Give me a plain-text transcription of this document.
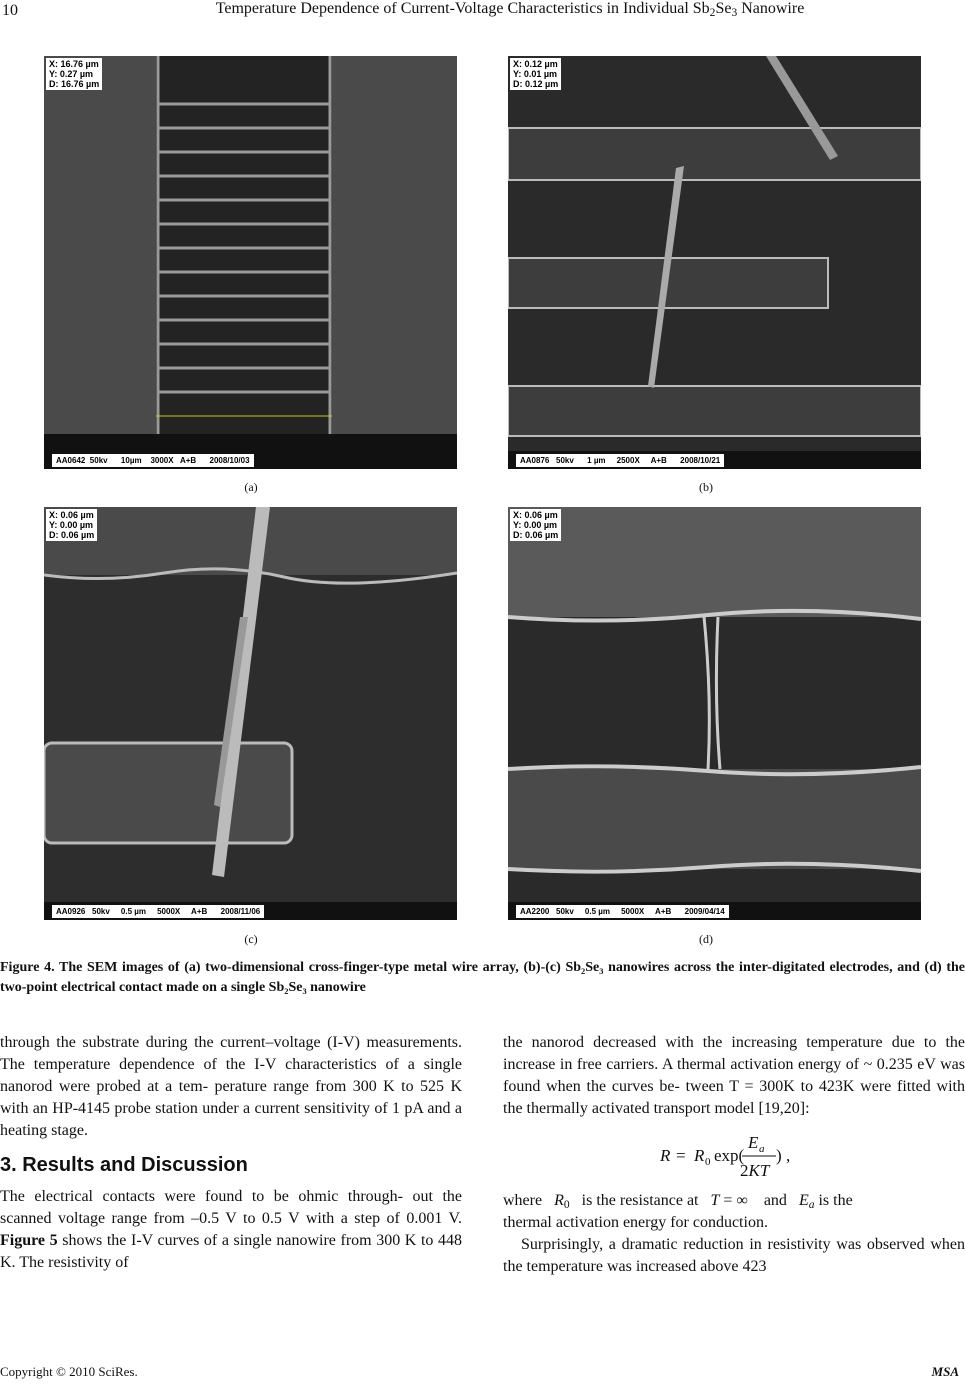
10	Temperature Dependence of Current-Voltage Characteristics in Individual $Sb_2Se_3$ Nanowire
X: 16.76 µm
Y: 0.27 µm
D: 16.76 µm
AA0642  50kv      10µm    3000X   A+B      2008/10/03
(a)
X: 0.12 µm
Y: 0.01 µm
D: 0.12 µm
AA0876   50kv      1 µm     2500X     A+B      2008/10/21
(b)
X: 0.06 µm
Y: 0.00 µm
D: 0.06 µm
AA0926   50kv     0.5 µm     5000X     A+B      2008/11/06
(c)
X: 0.06 µm
Y: 0.00 µm
D: 0.06 µm
AA2200   50kv     0.5 µm     5000X     A+B      2009/04/14
(d)
Figure 4. The SEM images of (a) two-dimensional cross-finger-type metal wire array, (b)-(c) Sb₂Se₃ nanowires across the inter-digitated electrodes, and (d) the two-point electrical contact made on a single Sb₂Se₃ nanowire

through the substrate during the current–voltage (I-V) measurements. The temperature dependence of the I-V characteristics of a single nanorod were probed at a tem- perature range from 300 K to 525 K with an HP-4145 probe station under a current sensitivity of 1 pA and a heating stage.

3. Results and Discussion

The electrical contacts were found to be ohmic through- out the scanned voltage range from –0.5 V to 0.5 V with a step of 0.001 V. Figure 5 shows the I-V curves of a single nanowire from 300 K to 448 K. The resistivity of

the nanorod decreased with the increasing temperature due to the increase in free carriers. A thermal activation energy of ~ 0.235 eV was found when the curves be- tween T = 300K to 423K were fitted with the thermally activated transport model [19,20]:

R = R 0 exp(
E a
2KT
) ,

where $R_0$ is the resistance at T = ∞    and $E_a$ is the

thermal activation energy for conduction.

Surprisingly, a dramatic reduction in resistivity was observed when the temperature was increased above 423

Copyright © 2010 SciRes.	MSA
